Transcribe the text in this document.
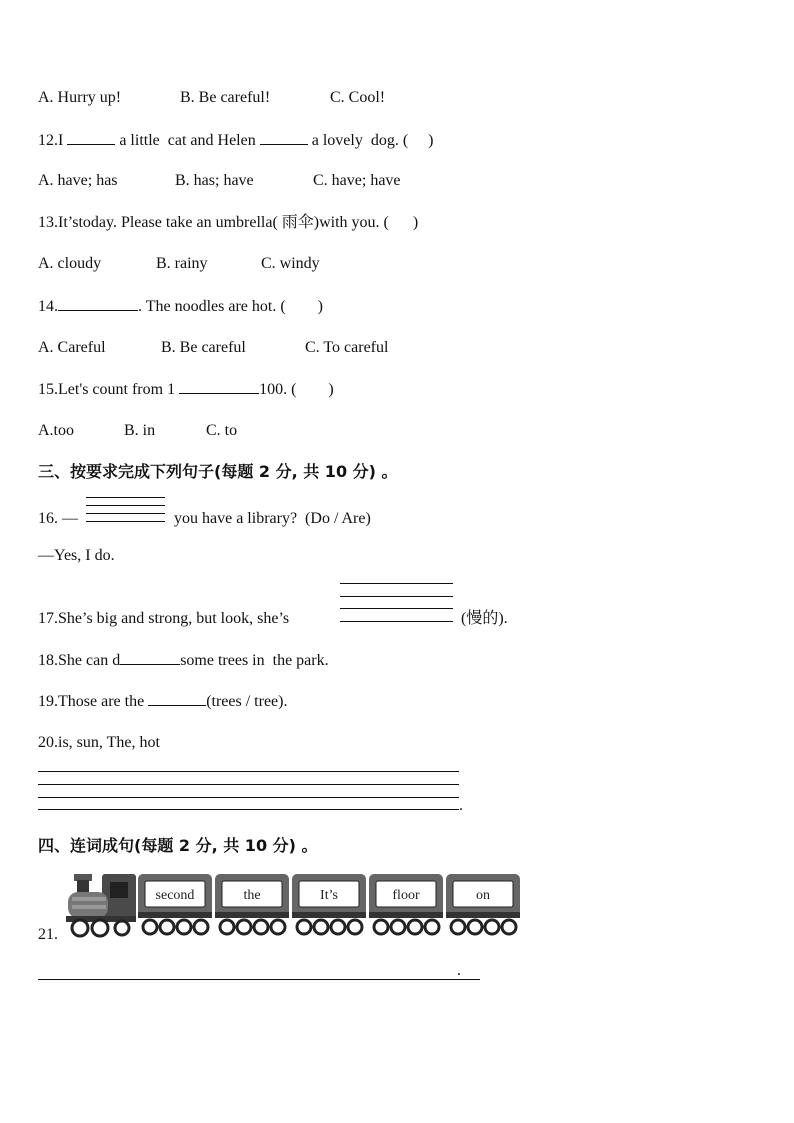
A. Hurry up!	B. Be careful!	C. Cool!
12.I	a little  cat and Helen	a lovely  dog. (     )
A. have; has	B. has; have	C. have; have
13.It’stoday. Please take an umbrella( 雨伞)with you. (      )
A. cloudy	B. rainy	C. windy
14.	. The noodles are hot. (        )
A. Careful	B. Be careful	C. To careful
15.Let's count from 1	100. (        )
A.too	B. in	C. to
三、按要求完成下列句子(每题 2 分, 共 10 分) 。
16. —	you have a library?  (Do / Are)
—Yes, I do.
17.She’s big and strong, but look, she’s	(慢的).
18.She can d	some trees in  the park.
19.Those are the	(trees / tree).
20.is, sun, The, hot
.
四、连词成句(每题 2 分, 共 10 分) 。
21.
second	the	It’s	floor	on
.
